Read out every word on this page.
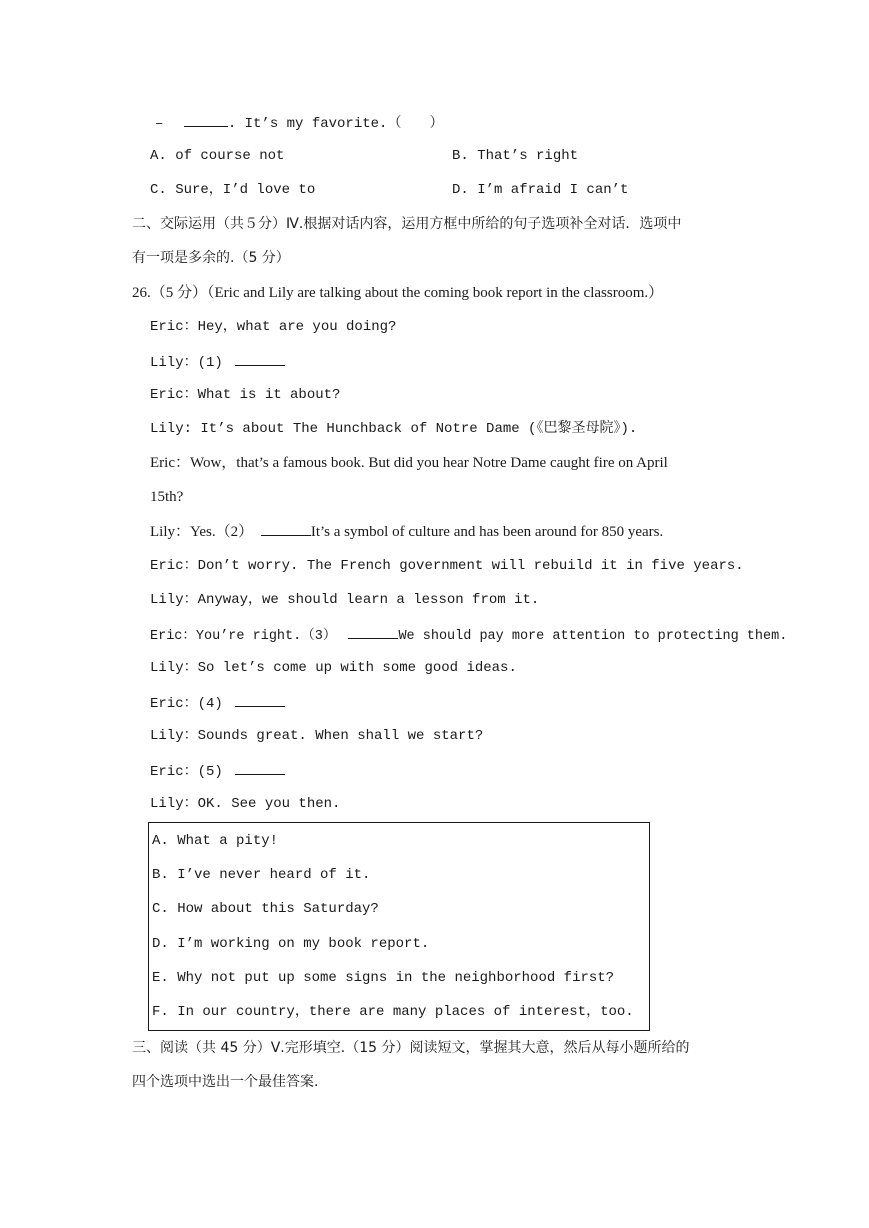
–	. It’s my favorite.（　　）
A. of course not	B. That’s right
C. Sure，I’d love to	D. I’m afraid I can’t
二、交际运用（共５分）Ⅳ.根据对话内容，运用方框中所给的句子选项补全对话．选项中
有一项是多余的.（5 分）
26.（5 分）（Eric and Lily are talking about the coming book report in the classroom.）
Eric：Hey，what are you doing?
Lily：(1)
Eric：What is it about?
Lily: It’s about The Hunchback of Notre Dame (《巴黎圣母院》).
Eric：Wow，that’s a famous book. But did you hear Notre Dame caught fire on April
15th?
Lily：Yes.（2）	It’s a symbol of culture and has been around for 850 years.
Eric：Don’t worry. The French government will rebuild it in five years.
Lily：Anyway，we should learn a lesson from it.
Eric：You’re right.（3）	We should pay more attention to protecting them.
Lily：So let’s come up with some good ideas.
Eric：(4)
Lily：Sounds great. When shall we start?
Eric：(5)
Lily：OK. See you then.
A. What a pity!
B. I’ve never heard of it.
C. How about this Saturday?
D. I’m working on my book report.
E. Why not put up some signs in the neighborhood first?
F. In our country，there are many places of interest，too.
三、阅读（共 45 分）Ⅴ.完形填空.（15 分）阅读短文，掌握其大意，然后从每小题所给的
四个选项中选出一个最佳答案.
